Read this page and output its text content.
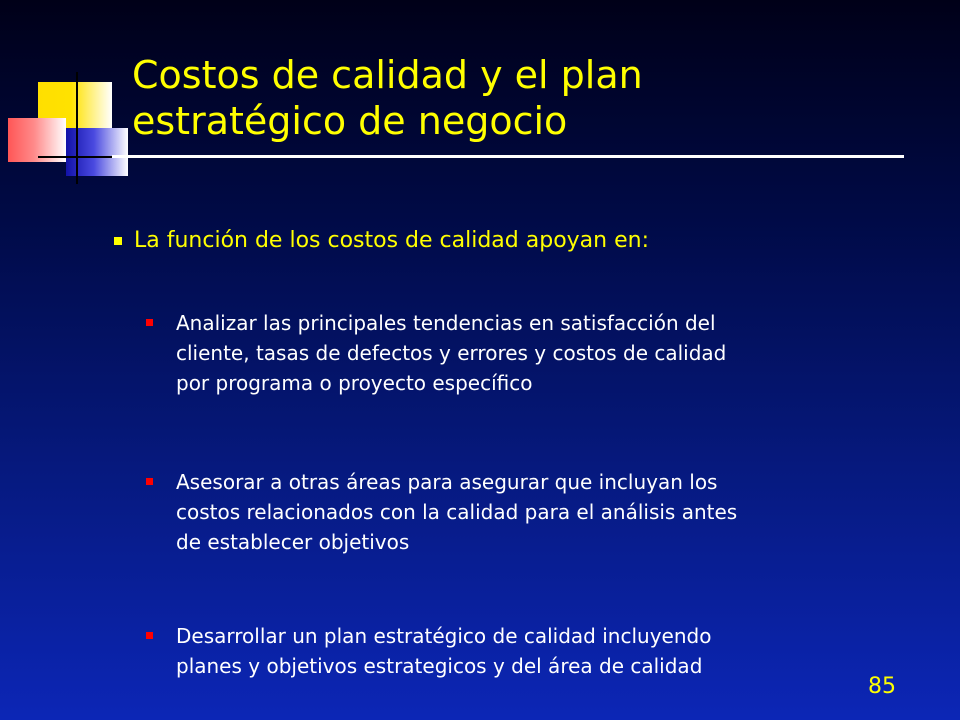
Costos de calidad y el plan
estratégico de negocio
La función de los costos de calidad apoyan en:
Analizar las principales tendencias en satisfacción del
cliente, tasas de defectos y errores y costos de calidad
por programa o proyecto específico
Asesorar a otras áreas para asegurar que incluyan los
costos relacionados con la calidad para el análisis antes
de establecer objetivos
Desarrollar un plan estratégico de calidad incluyendo
planes y objetivos estrategicos y del área de calidad
85
